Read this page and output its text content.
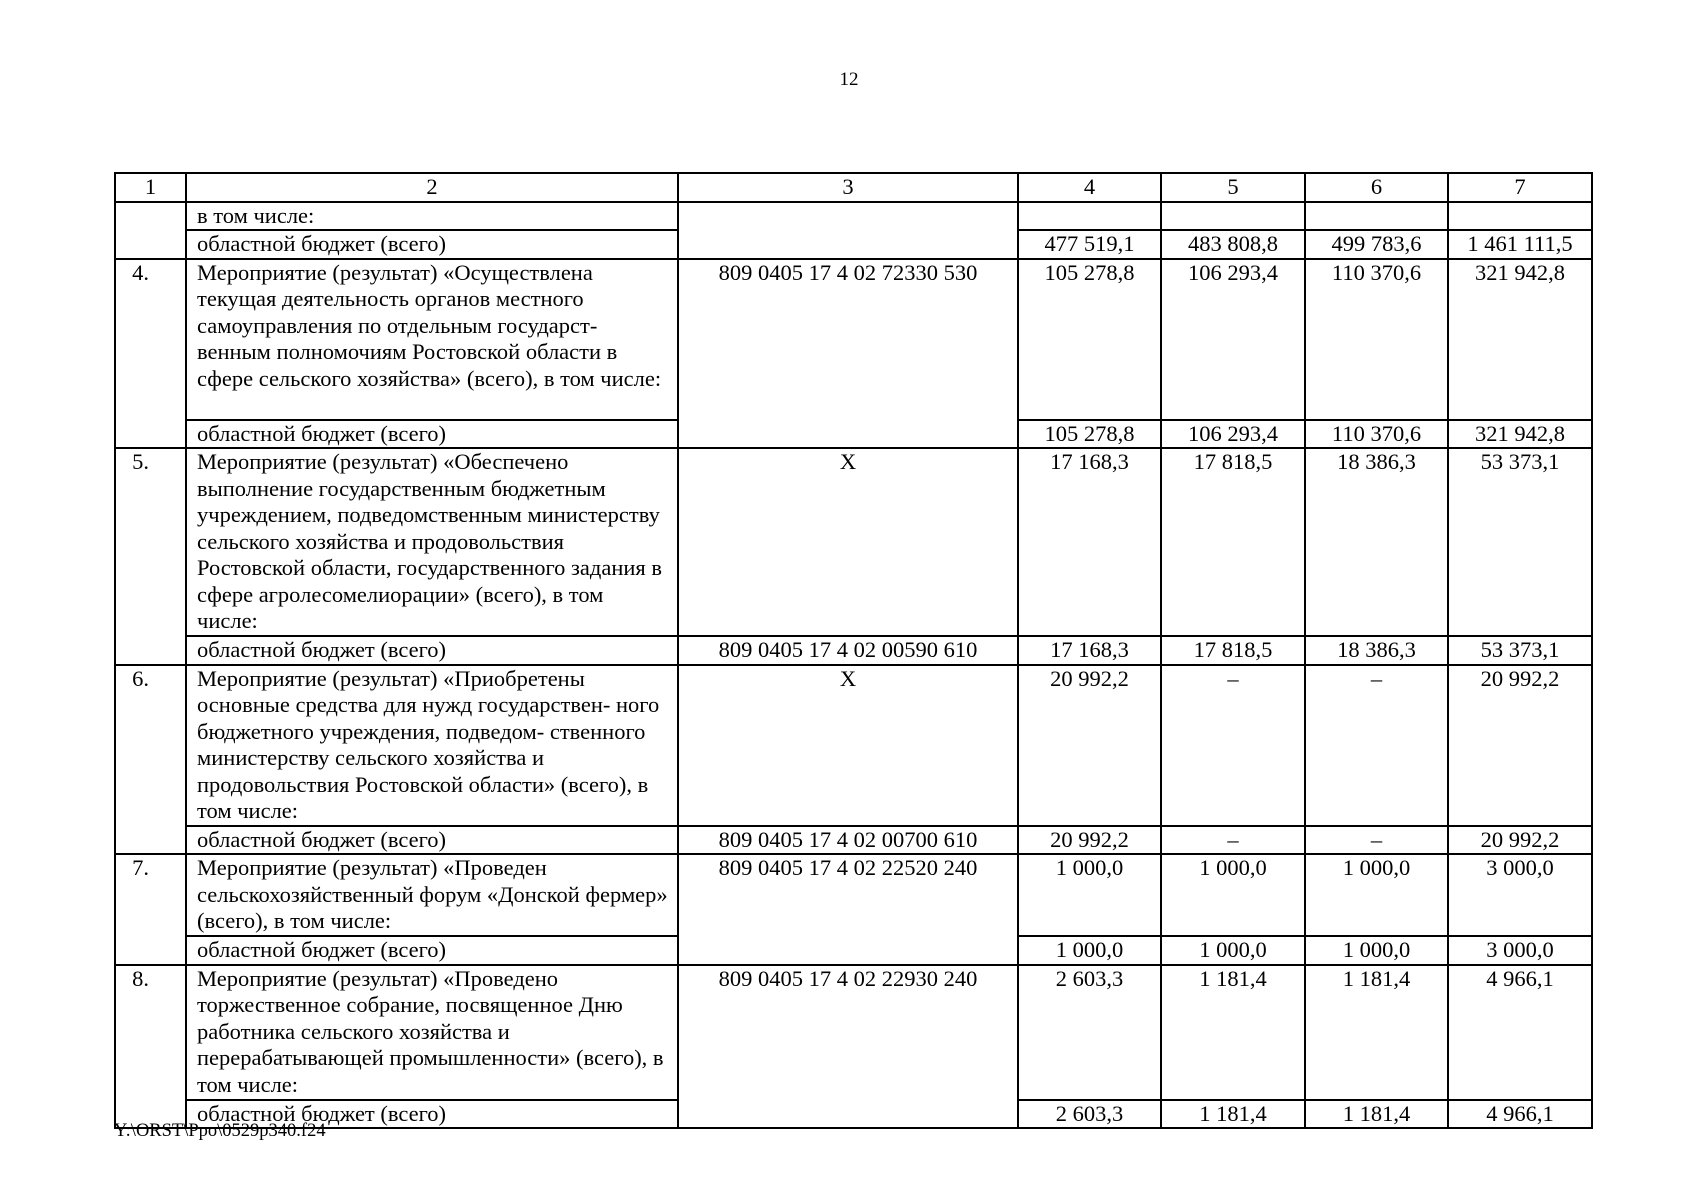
12
1	2	3	4	5	6	7
	в том числе:					
	областной бюджет (всего)		477 519,1	483 808,8	499 783,6	1 461 111,5
4.	Мероприятие (результат) «Осуществлена текущая деятельность органов местного самоуправления по отдельным государст- венным полномочиям Ростовской области в сфере сельского хозяйства» (всего), в том числе:	809 0405 17 4 02 72330 530	105 278,8	106 293,4	110 370,6	321 942,8
	областной бюджет (всего)		105 278,8	106 293,4	110 370,6	321 942,8
5.	Мероприятие (результат) «Обеспечено выполнение государственным бюджетным учреждением, подведомственным министерству сельского хозяйства и продовольствия Ростовской области, государственного задания в сфере агролесомелиорации» (всего), в том числе:	Х	17 168,3	17 818,5	18 386,3	53 373,1
	областной бюджет (всего)	809 0405 17 4 02 00590 610	17 168,3	17 818,5	18 386,3	53 373,1
6.	Мероприятие (результат) «Приобретены основные средства для нужд государствен- ного бюджетного учреждения, подведом- ственного министерству сельского хозяйства и продовольствия Ростовской области» (всего), в том числе:	Х	20 992,2	–	–	20 992,2
	областной бюджет (всего)	809 0405 17 4 02 00700 610	20 992,2	–	–	20 992,2
7.	Мероприятие (результат) «Проведен сельскохозяйственный форум «Донской фермер» (всего), в том числе:	809 0405 17 4 02 22520 240	1 000,0	1 000,0	1 000,0	3 000,0
	областной бюджет (всего)		1 000,0	1 000,0	1 000,0	3 000,0
8.	Мероприятие (результат) «Проведено торжественное собрание, посвященное Дню работника сельского хозяйства и перерабатывающей промышленности» (всего), в том числе:	809 0405 17 4 02 22930 240	2 603,3	1 181,4	1 181,4	4 966,1
	областной бюджет (всего)		2 603,3	1 181,4	1 181,4	4 966,1
Y:\ORST\Ppo\0529p340.f24
